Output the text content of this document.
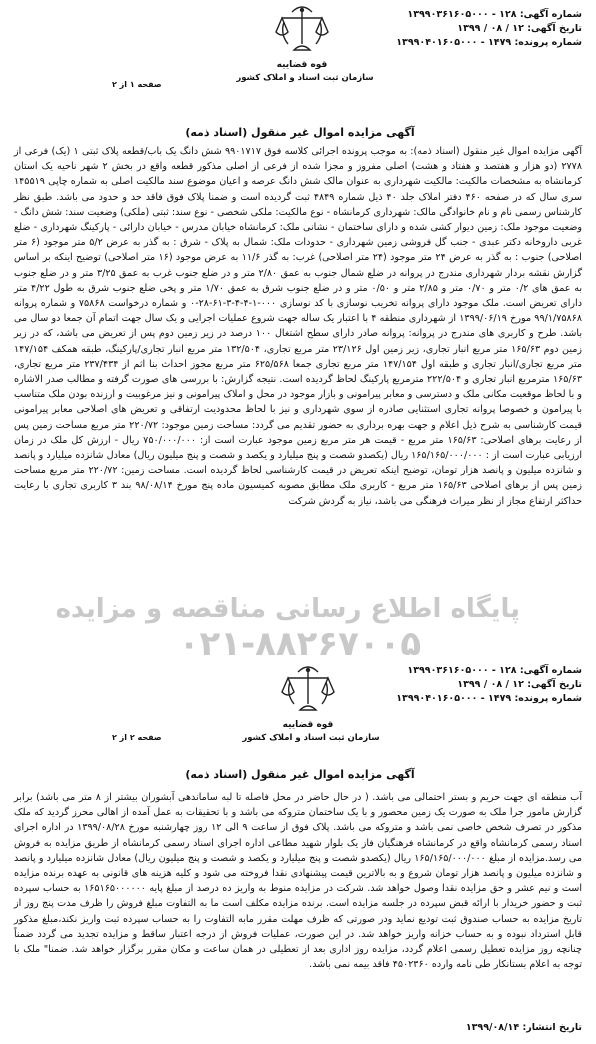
شماره آگهی: ۱۲۸ - ۱۳۹۹۰۳۶۱۶۰۵۰۰۰
تاریخ آگهی: ۱۲ / ۰۸ / ۱۳۹۹
شماره پرونده: ۱۴۷۹ - ۱۳۹۹۰۴۰۱۶۰۵۰۰۰
قوه قضاییه
سازمان ثبت اسناد و املاک کشور
صفحه ۱ از ۲
آگهی مزایده اموال غیر منقول (اسناد ذمه)

آگهی مزایده اموال غیر منقول (اسناد ذمه): به موجب پرونده اجرائی کلاسه فوق ۹۹۰۱۷۱۷ شش دانگ یک باب/قطعه پلاک ثبتی ۱ (یک) فرعی از ۲۷۷۸ (دو هزار و هفتصد و هفتاد و هشت) اصلی مفروز و مجزا شده از فرعی از اصلی مذکور قطعه واقع در بخش ۲ شهر ناحیه یک استان کرمانشاه به مشخصات مالکیت: مالکیت شهرداری به عنوان مالک شش دانگ عرصه و اعیان موضوع سند مالکیت اصلی به شماره چاپی ۱۴۵۵۱۹ سری سال که در صفحه ۴۶۰ دفتر املاک جلد ۴۰ ذیل شماره ۴۸۴۹ ثبت گردیده است و ضمنا پلاک فوق فاقد حد و حدود می باشد. طبق نظر کارشناس رسمی نام و نام خانوادگی مالک: شهرداری کرمانشاه - نوع مالکیت: ملکی شخصی - نوع سند: ثبتی (ملکی) وضعیت سند: شش دانگ - وضعیت موجود ملک: زمین دیوار کشی شده و دارای ساختمان - نشانی ملک: کرمانشاه خیابان مدرس - خیابان دارائی - پارکینگ شهرداری - ضلع غربی داروخانه دکتر عبدی - جنب گل فروشی زمین شهرداری - حدودات ملک: شمال به پلاک - شرق : به گذر به عرض ۵/۲ متر موجود (۶ متر اصلاحی) جنوب : به گذر به عرض ۲۴ متر موجود (۲۴ متر اصلاحی) غرب: به گذر ۱۱/۶ به عرض موجود (۱۶ متر اصلاحی) توضیح اینکه بر اساس گزارش نقشه بردار شهرداری مندرج در پروانه در ضلع شمال جنوب به عمق ۲/۸۰ متر و در ضلع جنوب غرب به عمق ۳/۲۵ متر و در ضلع جنوب به عمق های ۰/۲ متر و ۰/۷۰ متر و ۲/۸۵ متر و ۰/۵۰ متر و در ضلع جنوب شرق به عمق ۱/۷۰ متر و پخی ضلع جنوب شرق به طول ۴/۲۲ متر دارای تعریض است. ملک موجود دارای پروانه تخریب نوسازی با کد نوسازی ۰۰۰-۱-۴-۴-۳-۶۱-۲۸-۰ و شماره درخواست ۷۵۸۶۸ و شماره پروانه ۹۹/۱/۷۵۸۶۸ مورخ ۱۳۹۹/۰۶/۱۹ از شهرداری منطقه ۴ با اعتبار یک ساله جهت شروع عملیات اجرایی و یک سال جهت اتمام آن جمعا دو سال می باشد. طرح و کاربری های مندرج در پروانه: پروانه صادر دارای سطح اشتغال ۱۰۰ درصد در زیر زمین دوم پس از تعریض می باشد، که در زیر زمین دوم ۱۶۵/۶۳ متر مربع انبار تجاری، زیر زمین اول ۲۳/۱۲۶ متر مربع تجاری، ۱۳۲/۵۰۴ متر مربع انبار تجاری/پارکینگ، طبقه همکف ۱۴۷/۱۵۴ متر مربع تجاری/انبار تجاری و طبقه اول ۱۴۷/۱۵۴ متر مربع تجاری جمعا ۶۲۵/۵۶۸ متر مربع مجوز احداث بنا اثم از ۲۳۷/۴۳۴ متر مربع تجاری، ۱۶۵/۶۳ مترمربع انبار تجاری و ۲۲۲/۵۰۴ مترمربع پارکینگ لحاظ گردیده است. نتیجه گزارش: با بررسی های صورت گرفته و مطالب صدر الاشاره و با لحاظ موقعیت مکانی ملک و دسترسی و معابر پیرامونی و بازار موجود در محل و املاک پیرامونی و نیز مرغوبیت و ارزنده بودن ملک متناسب با پیرامون و خصوصا پروانه تجاری استثنایی صادره از سوی شهرداری و نیز با لحاظ محدودیت ارتفاقی و تعریض های اصلاحی معابر پیرامونی قیمت کارشناسی به شرح ذیل اعلام و جهت بهره برداری به حضور تقدیم می گردد: مساحت زمین موجود: ۲۲۰/۷۲ متر مربع مساحت زمین پس از رعایت برهای اصلاحی: ۱۶۵/۶۳ متر مربع - قیمت هر متر مربع زمین موجود عبارت است از: ۷۵۰/۰۰۰/۰۰۰ ریال - ارزش کل ملک در زمان ارزیابی عبارت است از : ۱۶۵/۱۶۵/۰۰۰/۰۰۰ ریال (یکصدو شصت و پنج میلیارد و یکصد و شصت و پنج میلیون ریال) معادل شانزده میلیارد و پانصد و شانزده میلیون و پانصد هزار تومان، توضیح اینکه تعریض در قیمت کارشناسی لحاظ گردیده است. مساحت زمین: ۲۲۰/۷۲ متر مربع مساحت زمین پس از برهای اصلاحی ۱۶۵/۶۳ متر مربع - کاربری ملک مطابق مصوبه کمیسیون ماده پنج مورخ ۹۸/۰۸/۱۴ بند ۳ کاربری تجاری با رعایت حداکثر ارتفاع مجاز از نظر میراث فرهنگی می باشد، نیاز به گردش شرکت

پایگاه اطلاع رسانی مناقصه و مزایده
۰۲۱-۸۸۲۶۷۰۰۵
شماره آگهی: ۱۲۸ - ۱۳۹۹۰۳۶۱۶۰۵۰۰۰
تاریخ آگهی: ۱۲ / ۰۸ / ۱۳۹۹
شماره پرونده: ۱۴۷۹ - ۱۳۹۹۰۴۰۱۶۰۵۰۰۰
قوه قضاییه
سازمان ثبت اسناد و املاک کشور
صفحه ۲ از ۲
آگهی مزایده اموال غیر منقول (اسناد ذمه)

آب منطقه ای جهت حریم و بستر احتمالی می باشد. ( در حال حاضر در محل فاصله تا لبه ساماندهی آبشوران بیشتر از ۸ متر می باشد) برابر گزارش مامور جرا ملک به صورت یک زمین محصور و با یک ساختمان متروکه می باشد و با تحقیقات به عمل آمده از اهالی محرز گردید که ملک مذکور در تصرف شخص خاصی نمی باشد و متروکه می باشد. پلاک فوق از ساعت ۹ الی ۱۲ روز چهارشنبه مورخ ۱۳۹۹/۰۸/۲۸ در اداره اجرای اسناد رسمی کرمانشاه واقع در کرمانشاه فرهنگیان فاز یک بلوار شهید مطاعی اداره اجرای اسناد رسمی کرمانشاه از طریق مزایده به فروش می رسد.مزایده از مبلغ ۱۶۵/۱۶۵/۰۰۰/۰۰۰ ریال (یکصدو شصت و پنج میلیارد و یکصد و شصت و پنج میلیون ریال) معادل شانزده میلیارد و پانصد و شانزده میلیون و پانصد هزار تومان شروع و به بالاترین قیمت پیشنهادی نقدا فروخته می شود و کلیه هزینه های قانونی به عهده برنده مزایده است و نیم عشر و حق مزایده نقدا وصول خواهد شد. شرکت در مزایده منوط به واریز ده درصد از مبلغ پایه ۱۶۵۱۶۵۰۰۰۰۰۰ به حساب سپرده ثبت و حضور خریدار با ارائه قبض سپرده در جلسه مزایده است. برنده مزایده مکلف است ما به التفاوت مبلغ فروش را ظرف مدت پنج روز از تاریخ مزایده به حساب صندوق ثبت تودیع نماید ودر صورتی که ظرف مهلت مقرر مابه التفاوت را به حساب سپرده ثبت واریز نکند،مبلغ مذکور قابل استرداد نبوده و به حساب خزانه واریز خواهد شد. در این صورت، عملیات فروش از درجه اعتبار ساقط و مزایده تجدید می گردد ضمناً چنانچه روز مزایده تعطیل رسمی اعلام گردد، مزایده روز اداری بعد از تعطیلی در همان ساعت و مکان مقرر برگزار خواهد شد. ضمنا" ملک با توجه به اعلام بستانکار طی نامه وارده ۴۵۰۲۳۶۰ فاقد بیمه نمی باشد.

تاریخ انتشار: ۱۳۹۹/۰۸/۱۴
